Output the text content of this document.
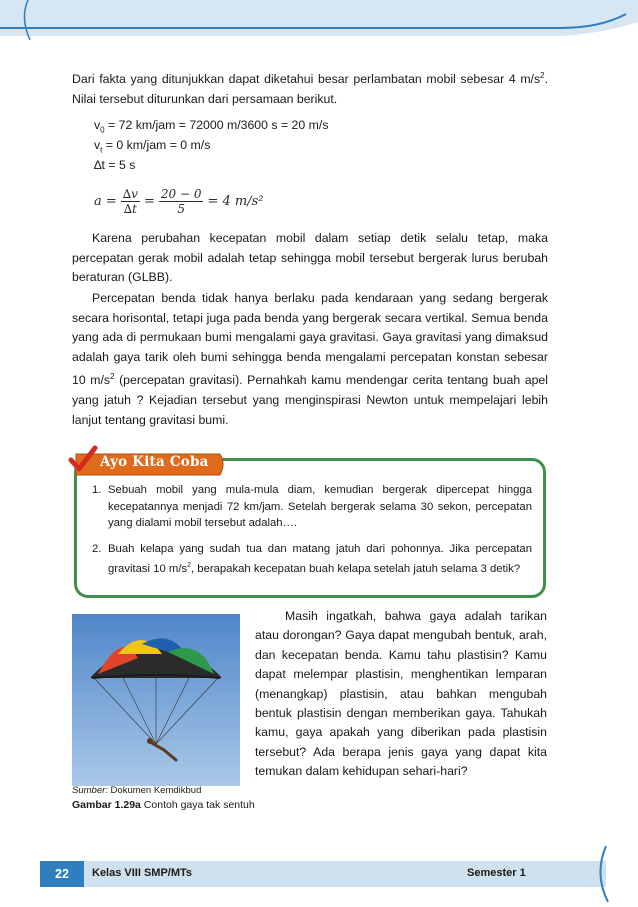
Dari fakta yang ditunjukkan dapat diketahui besar perlambatan mobil sebesar 4 $m/s^2$. Nilai tersebut diturunkan dari persamaan berikut.

$v_0 = 72$ km/jam = 72000 m/3600 s = 20 m/s

$v_t = 0$ km/jam = 0 m/s

∆t = 5 s

$a = \frac{\Delta v}{\Delta t} = \frac{20 - 0}{5} = 4$ m/s²

Karena perubahan kecepatan mobil dalam setiap detik selalu tetap, maka percepatan gerak mobil adalah tetap sehingga mobil tersebut bergerak lurus berubah beraturan (GLBB).

Percepatan benda tidak hanya berlaku pada kendaraan yang sedang bergerak secara horisontal, tetapi juga pada benda yang bergerak secara vertikal. Semua benda yang ada di permukaan bumi mengalami gaya gravitasi. Gaya gravitasi yang dimaksud adalah gaya tarik oleh bumi sehingga benda mengalami percepatan konstan sebesar 10 $m/s^2$ (percepatan gravitasi). Pernahkah kamu mendengar cerita tentang buah apel yang jatuh ? Kejadian tersebut yang menginspirasi Newton untuk mempelajari lebih lanjut tentang gravitasi bumi.

Ayo Kita Coba

1. Sebuah mobil yang mula-mula diam, kemudian bergerak dipercepat hingga kecepatannya menjadi 72 km/jam. Setelah bergerak selama 30 sekon, percepatan yang dialami mobil tersebut adalah….

2. Buah kelapa yang sudah tua dan matang jatuh dari pohonnya. Jika percepatan gravitasi 10 $m/s^2$, berapakah kecepatan buah kelapa setelah jatuh selama 3 detik?

Masih ingatkah, bahwa gaya adalah tarikan atau dorongan? Gaya dapat mengubah bentuk, arah, dan kecepatan benda. Kamu tahu plastisin? Kamu dapat melempar plastisin, menghentikan lemparan (menangkap) plastisin, atau bahkan mengubah bentuk plastisin dengan memberikan gaya. Tahukah kamu, gaya apakah yang diberikan pada plastisin tersebut? Ada berapa jenis gaya yang dapat kita temukan dalam kehidupan sehari-hari?

Sumber: Dokumen Kemdikbud
Gambar 1.29a Contoh gaya tak sentuh
22	Kelas VIII SMP/MTs	Semester 1
